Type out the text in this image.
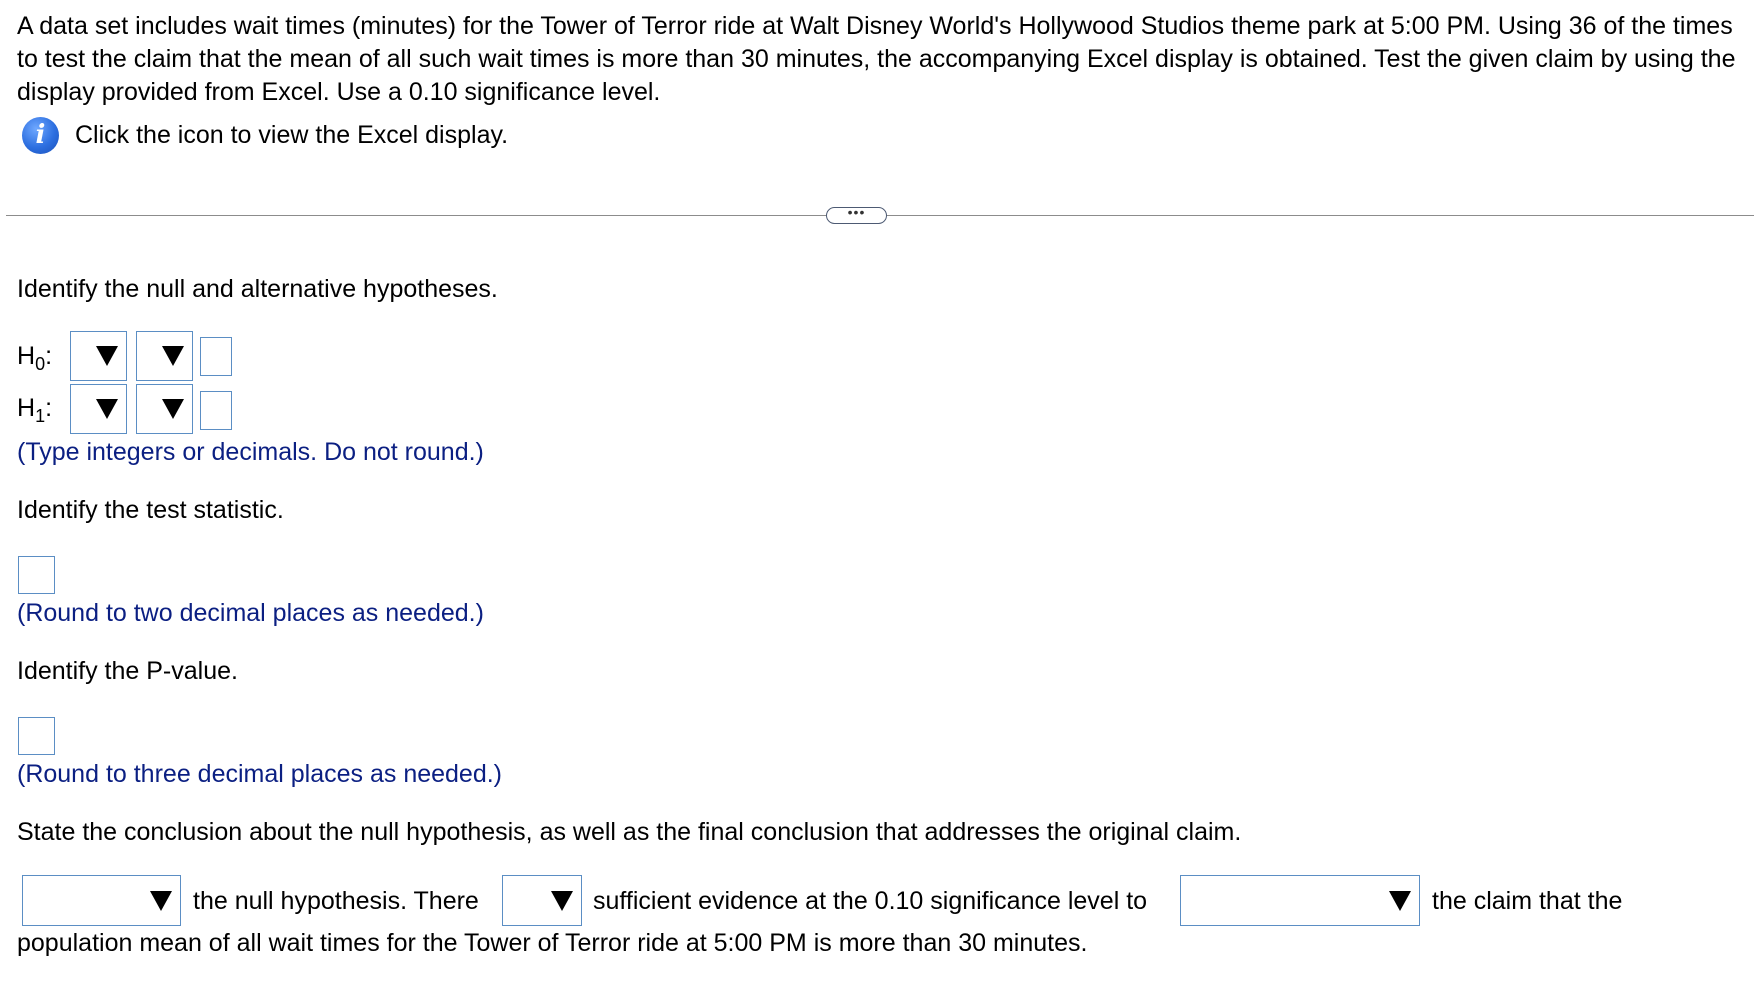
A data set includes wait times (minutes) for the Tower of Terror ride at Walt Disney World's Hollywood Studios theme park at 5:00 PM. Using 36 of the times to test the claim that the mean of all such wait times is more than 30 minutes, the accompanying Excel display is obtained. Test the given claim by using the display provided from Excel. Use a 0.10 significance level.
i	Click the icon to view the Excel display.
•••
Identify the null and alternative hypotheses.
$H_0$:
$H_1$:
(Type integers or decimals. Do not round.)
Identify the test statistic.
(Round to two decimal places as needed.)
Identify the P-value.
(Round to three decimal places as needed.)
State the conclusion about the null hypothesis, as well as the final conclusion that addresses the original claim.
the null hypothesis. There	sufficient evidence at the 0.10 significance level to	the claim that the
population mean of all wait times for the Tower of Terror ride at 5:00 PM is more than 30 minutes.
